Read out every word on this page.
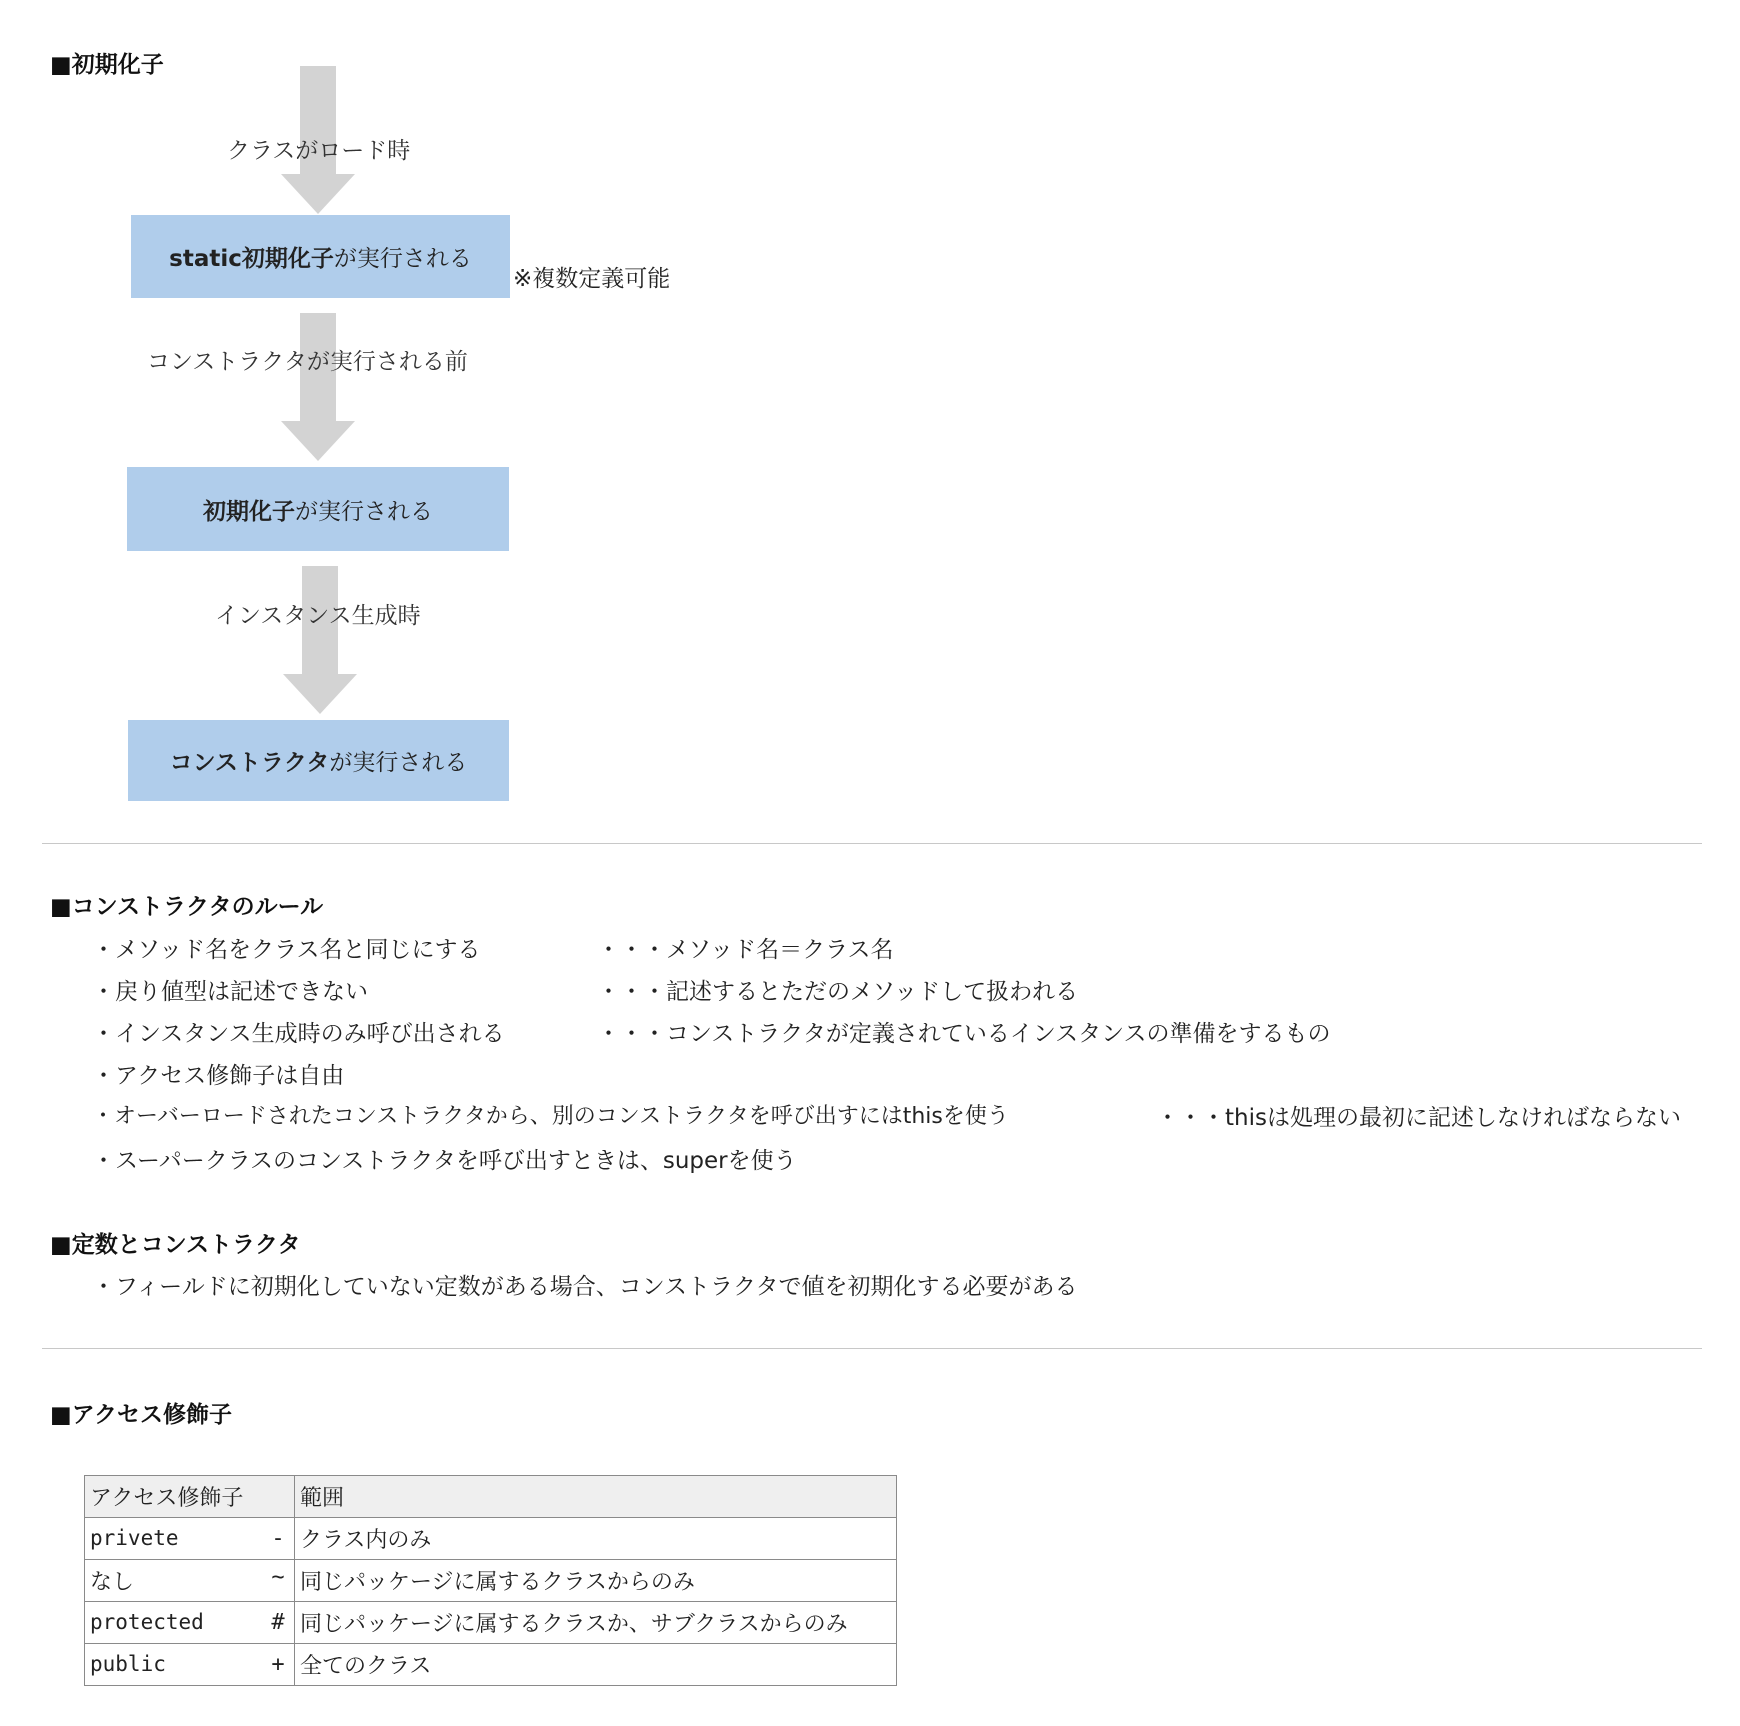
■初期化子
クラスがロード時
static初期化子 が実行される
※複数定義可能
コンストラクタが実行される前
初期化子 が実行される
インスタンス生成時
コンストラクタ が実行される
■コンストラクタのルール
・メソッド名をクラス名と同じにする	・・・メソッド名＝クラス名
・戻り値型は記述できない	・・・記述するとただのメソッドして扱われる
・インスタンス生成時のみ呼び出される	・・・コンストラクタが定義されているインスタンスの準備をするもの
・アクセス修飾子は自由
・オーバーロードされたコンストラクタから、別のコンストラクタを呼び出すにはthisを使う	・・・thisは処理の最初に記述しなければならない
・スーパークラスのコンストラクタを呼び出すときは、superを使う
■定数とコンストラクタ
・フィールドに初期化していない定数がある場合、コンストラクタで値を初期化する必要がある
■アクセス修飾子
アクセス修飾子	範囲
privete -	クラス内のみ
なし ~	同じパッケージに属するクラスからのみ
protected #	同じパッケージに属するクラスか、サブクラスからのみ
public +	全てのクラス
